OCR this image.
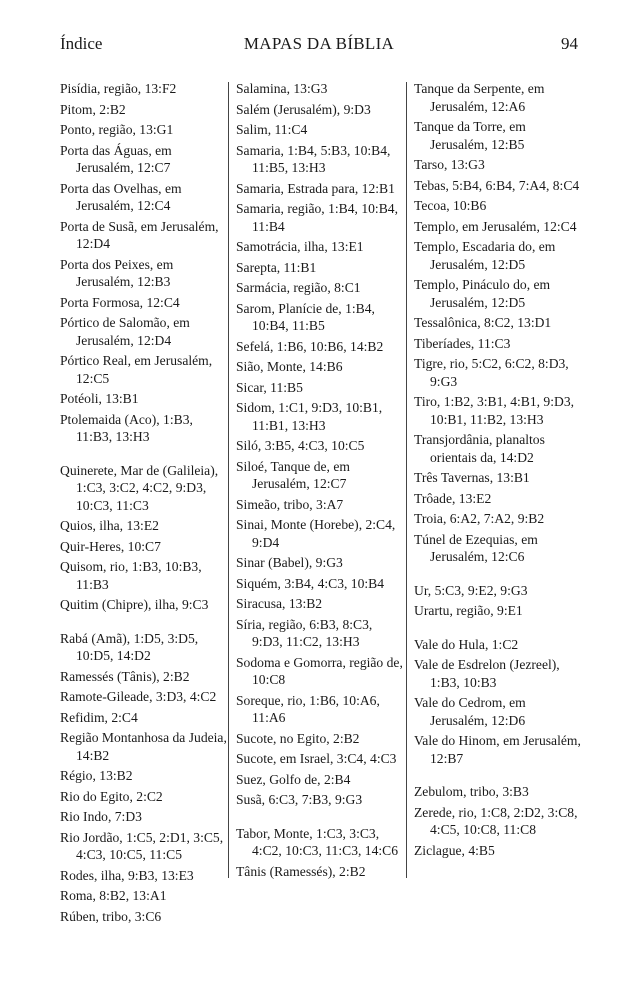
Índice	MAPAS DA BÍBLIA	94
Pisídia, região, 13:F2
Pitom, 2:B2
Ponto, região, 13:G1
Porta das Águas, em Jerusalém, 12:C7
Porta das Ovelhas, em Jerusalém, 12:C4
Porta de Susã, em Jerusalém, 12:D4
Porta dos Peixes, em Jerusalém, 12:B3
Porta Formosa, 12:C4
Pórtico de Salomão, em Jerusalém, 12:D4
Pórtico Real, em Jerusalém, 12:C5
Potéoli, 13:B1
Ptolemaida (Aco), 1:B3, 11:B3, 13:H3
Quinerete, Mar de (Galileia), 1:C3, 3:C2, 4:C2, 9:D3, 10:C3, 11:C3
Quios, ilha, 13:E2
Quir-Heres, 10:C7
Quisom, rio, 1:B3, 10:B3, 11:B3
Quitim (Chipre), ilha, 9:C3
Rabá (Amã), 1:D5, 3:D5, 10:D5, 14:D2
Ramessés (Tânis), 2:B2
Ramote-Gileade, 3:D3, 4:C2
Refidim, 2:C4
Região Montanhosa da Judeia, 14:B2
Régio, 13:B2
Rio do Egito, 2:C2
Rio Indo, 7:D3
Rio Jordão, 1:C5, 2:D1, 3:C5, 4:C3, 10:C5, 11:C5
Rodes, ilha, 9:B3, 13:E3
Roma, 8:B2, 13:A1
Rúben, tribo, 3:C6
Salamina, 13:G3
Salém (Jerusalém), 9:D3
Salim, 11:C4
Samaria, 1:B4, 5:B3, 10:B4, 11:B5, 13:H3
Samaria, Estrada para, 12:B1
Samaria, região, 1:B4, 10:B4, 11:B4
Samotrácia, ilha, 13:E1
Sarepta, 11:B1
Sarmácia, região, 8:C1
Sarom, Planície de, 1:B4, 10:B4, 11:B5
Sefelá, 1:B6, 10:B6, 14:B2
Sião, Monte, 14:B6
Sicar, 11:B5
Sidom, 1:C1, 9:D3, 10:B1, 11:B1, 13:H3
Siló, 3:B5, 4:C3, 10:C5
Siloé, Tanque de, em Jerusalém, 12:C7
Simeão, tribo, 3:A7
Sinai, Monte (Horebe), 2:C4, 9:D4
Sinar (Babel), 9:G3
Siquém, 3:B4, 4:C3, 10:B4
Siracusa, 13:B2
Síria, região, 6:B3, 8:C3, 9:D3, 11:C2, 13:H3
Sodoma e Gomorra, região de, 10:C8
Soreque, rio, 1:B6, 10:A6, 11:A6
Sucote, no Egito, 2:B2
Sucote, em Israel, 3:C4, 4:C3
Suez, Golfo de, 2:B4
Susã, 6:C3, 7:B3, 9:G3
Tabor, Monte, 1:C3, 3:C3, 4:C2, 10:C3, 11:C3, 14:C6
Tânis (Ramessés), 2:B2
Tanque da Serpente, em Jerusalém, 12:A6
Tanque da Torre, em Jerusalém, 12:B5
Tarso, 13:G3
Tebas, 5:B4, 6:B4, 7:A4, 8:C4
Tecoa, 10:B6
Templo, em Jerusalém, 12:C4
Templo, Escadaria do, em Jerusalém, 12:D5
Templo, Pináculo do, em Jerusalém, 12:D5
Tessalônica, 8:C2, 13:D1
Tiberíades, 11:C3
Tigre, rio, 5:C2, 6:C2, 8:D3, 9:G3
Tiro, 1:B2, 3:B1, 4:B1, 9:D3, 10:B1, 11:B2, 13:H3
Transjordânia, planaltos orientais da, 14:D2
Três Tavernas, 13:B1
Trôade, 13:E2
Troia, 6:A2, 7:A2, 9:B2
Túnel de Ezequias, em Jerusalém, 12:C6
Ur, 5:C3, 9:E2, 9:G3
Urartu, região, 9:E1
Vale do Hula, 1:C2
Vale de Esdrelon (Jezreel), 1:B3, 10:B3
Vale do Cedrom, em Jerusalém, 12:D6
Vale do Hinom, em Jerusalém, 12:B7
Zebulom, tribo, 3:B3
Zerede, rio, 1:C8, 2:D2, 3:C8, 4:C5, 10:C8, 11:C8
Ziclague, 4:B5
